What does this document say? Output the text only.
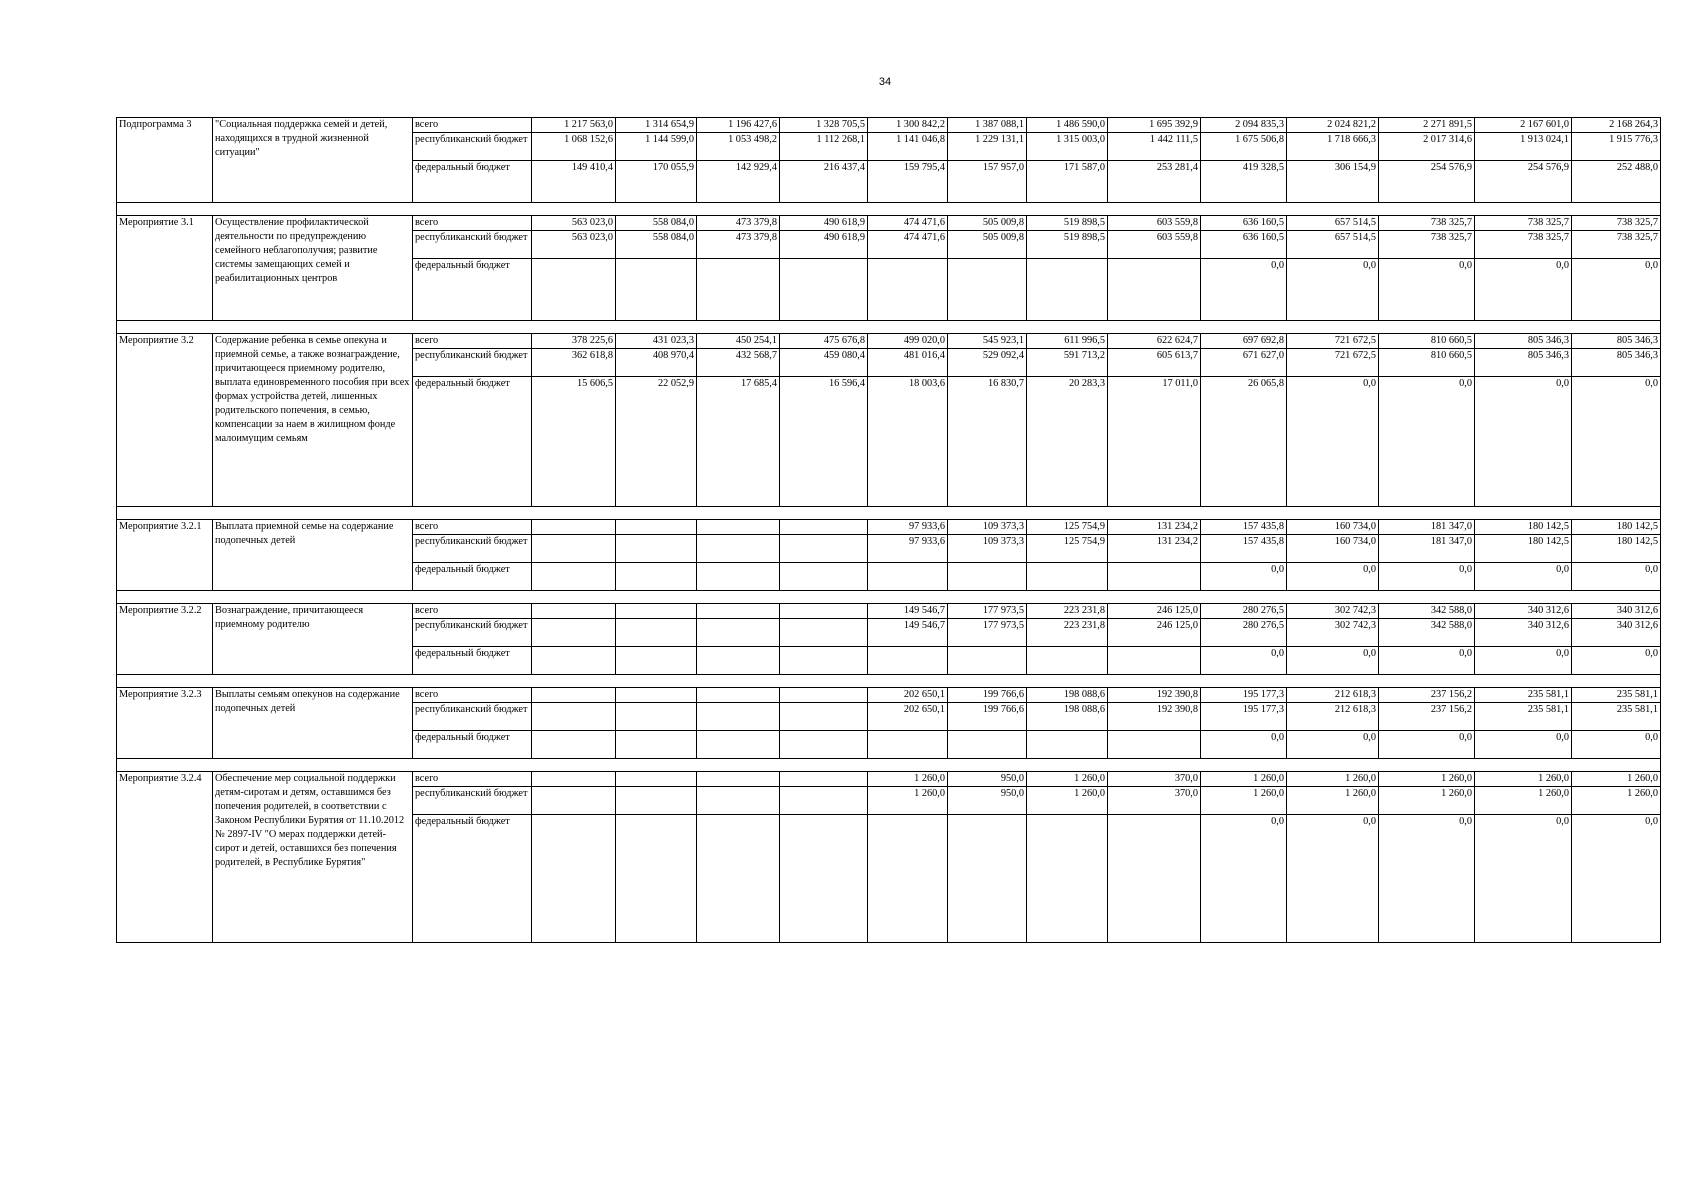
34
Подпрограмма 3	"Социальная поддержка семей и детей, находящихся в трудной жизненной ситуации"	всего	1 217 563,0	1 314 654,9	1 196 427,6	1 328 705,5	1 300 842,2	1 387 088,1	1 486 590,0	1 695 392,9	2 094 835,3	2 024 821,2	2 271 891,5	2 167 601,0	2 168 264,3
		республиканский бюджет	1 068 152,6	1 144 599,0	1 053 498,2	1 112 268,1	1 141 046,8	1 229 131,1	1 315 003,0	1 442 111,5	1 675 506,8	1 718 666,3	2 017 314,6	1 913 024,1	1 915 776,3
		федеральный бюджет	149 410,4	170 055,9	142 929,4	216 437,4	159 795,4	157 957,0	171 587,0	253 281,4	419 328,5	306 154,9	254 576,9	254 576,9	252 488,0

Мероприятие 3.1	Осуществление профилактической деятельности по предупреждению семейного неблагополучия; развитие системы замещающих семей и реабилитационных центров	всего	563 023,0	558 084,0	473 379,8	490 618,9	474 471,6	505 009,8	519 898,5	603 559,8	636 160,5	657 514,5	738 325,7	738 325,7	738 325,7
		республиканский бюджет	563 023,0	558 084,0	473 379,8	490 618,9	474 471,6	505 009,8	519 898,5	603 559,8	636 160,5	657 514,5	738 325,7	738 325,7	738 325,7
		федеральный бюджет									0,0	0,0	0,0	0,0	0,0

Мероприятие 3.2	Содержание ребенка в семье опекуна и приемной семье, а также вознаграждение, причитающееся приемному родителю, выплата единовременного пособия при всех формах устройства детей, лишенных родительского попечения, в семью, компенсации за наем в жилищном фонде малоимущим семьям	всего	378 225,6	431 023,3	450 254,1	475 676,8	499 020,0	545 923,1	611 996,5	622 624,7	697 692,8	721 672,5	810 660,5	805 346,3	805 346,3
		республиканский бюджет	362 618,8	408 970,4	432 568,7	459 080,4	481 016,4	529 092,4	591 713,2	605 613,7	671 627,0	721 672,5	810 660,5	805 346,3	805 346,3
		федеральный бюджет	15 606,5	22 052,9	17 685,4	16 596,4	18 003,6	16 830,7	20 283,3	17 011,0	26 065,8	0,0	0,0	0,0	0,0

Мероприятие 3.2.1	Выплата приемной семье на содержание подопечных детей	всего					97 933,6	109 373,3	125 754,9	131 234,2	157 435,8	160 734,0	181 347,0	180 142,5	180 142,5
		республиканский бюджет					97 933,6	109 373,3	125 754,9	131 234,2	157 435,8	160 734,0	181 347,0	180 142,5	180 142,5
		федеральный бюджет									0,0	0,0	0,0	0,0	0,0

Мероприятие 3.2.2	Вознаграждение, причитающееся приемному родителю	всего					149 546,7	177 973,5	223 231,8	246 125,0	280 276,5	302 742,3	342 588,0	340 312,6	340 312,6
		республиканский бюджет					149 546,7	177 973,5	223 231,8	246 125,0	280 276,5	302 742,3	342 588,0	340 312,6	340 312,6
		федеральный бюджет									0,0	0,0	0,0	0,0	0,0

Мероприятие 3.2.3	Выплаты семьям опекунов на содержание подопечных детей	всего					202 650,1	199 766,6	198 088,6	192 390,8	195 177,3	212 618,3	237 156,2	235 581,1	235 581,1
		республиканский бюджет					202 650,1	199 766,6	198 088,6	192 390,8	195 177,3	212 618,3	237 156,2	235 581,1	235 581,1
		федеральный бюджет									0,0	0,0	0,0	0,0	0,0

Мероприятие 3.2.4	Обеспечение мер социальной поддержки детям-сиротам и детям, оставшимся без попечения родителей, в соответствии с Законом Республики Бурятия от 11.10.2012 № 2897-IV "О мерах поддержки детей-сирот и детей, оставшихся без попечения родителей, в Республике Бурятия"	всего					1 260,0	950,0	1 260,0	370,0	1 260,0	1 260,0	1 260,0	1 260,0	1 260,0
		республиканский бюджет					1 260,0	950,0	1 260,0	370,0	1 260,0	1 260,0	1 260,0	1 260,0	1 260,0
		федеральный бюджет									0,0	0,0	0,0	0,0	0,0
